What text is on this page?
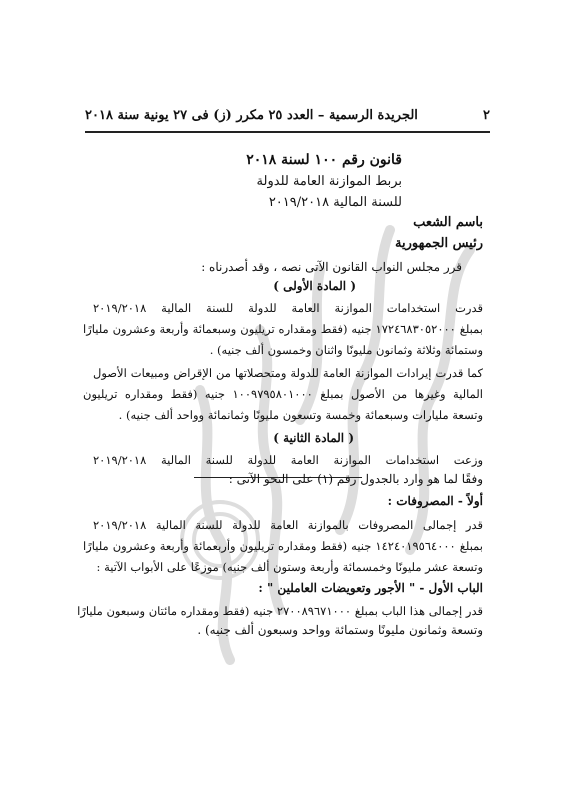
٢
الجريدة الرسمية – العدد ٢٥ مكرر (ز) فى ٢٧ يونية سنة ٢٠١٨
قانون رقم ١٠٠ لسنة ٢٠١٨
بربط الموازنة العامة للدولة
للسنة المالية ٢٠١٩/٢٠١٨
باسم الشعب
رئيس الجمهورية
قرر مجلس النواب القانون الآتى نصه ، وقد أصدرناه :
( المادة الأولى )
قدرت استخدامات الموازنة العامة للدولة للسنة المالية ٢٠١٩/٢٠١٨
بمبلغ ١٧٢٤٦٨٣٠٥٢٠٠٠ جنيه (فقط ومقداره تريليون وسبعمائة وأربعة وعشرون مليارًا
وستمائة وثلاثة وثمانون مليونًا واثنان وخمسون ألف جنيه) .
كما قدرت إيرادات الموازنة العامة للدولة ومتحصلاتها من الإقراض ومبيعات الأصول
المالية وغيرها من الأصول بمبلغ ١٠٠٩٧٩٥٨٠١٠٠٠ جنيه (فقط ومقداره تريليون
وتسعة مليارات وسبعمائة وخمسة وتسعون مليونًا وثمانمائة وواحد ألف جنيه) .
( المادة الثانية )
وزعت استخدامات الموازنة العامة للدولة للسنة المالية ٢٠١٩/٢٠١٨
وفقًا لما هو وارد بالجدول رقم (١) على النحو الآتى :
أولاً - المصروفات :
قدر إجمالى المصروفات بالموازنة العامة للدولة للسنة المالية ٢٠١٩/٢٠١٨
بمبلغ ١٤٢٤٠١٩٥٦٤٠٠٠ جنيه (فقط ومقداره تريليون وأربعمائة وأربعة وعشرون مليارًا
وتسعة عشر مليونًا وخمسمائة وأربعة وستون ألف جنيه) موزعًا على الأبواب الآتية :
الباب الأول - " الأجور وتعويضات العاملين " :
قدر إجمالى هذا الباب بمبلغ ٢٧٠٠٨٩٦٧١٠٠٠ جنيه (فقط ومقداره مائتان وسبعون مليارًا
وتسعة وثمانون مليونًا وستمائة وواحد وسبعون ألف جنيه) .
